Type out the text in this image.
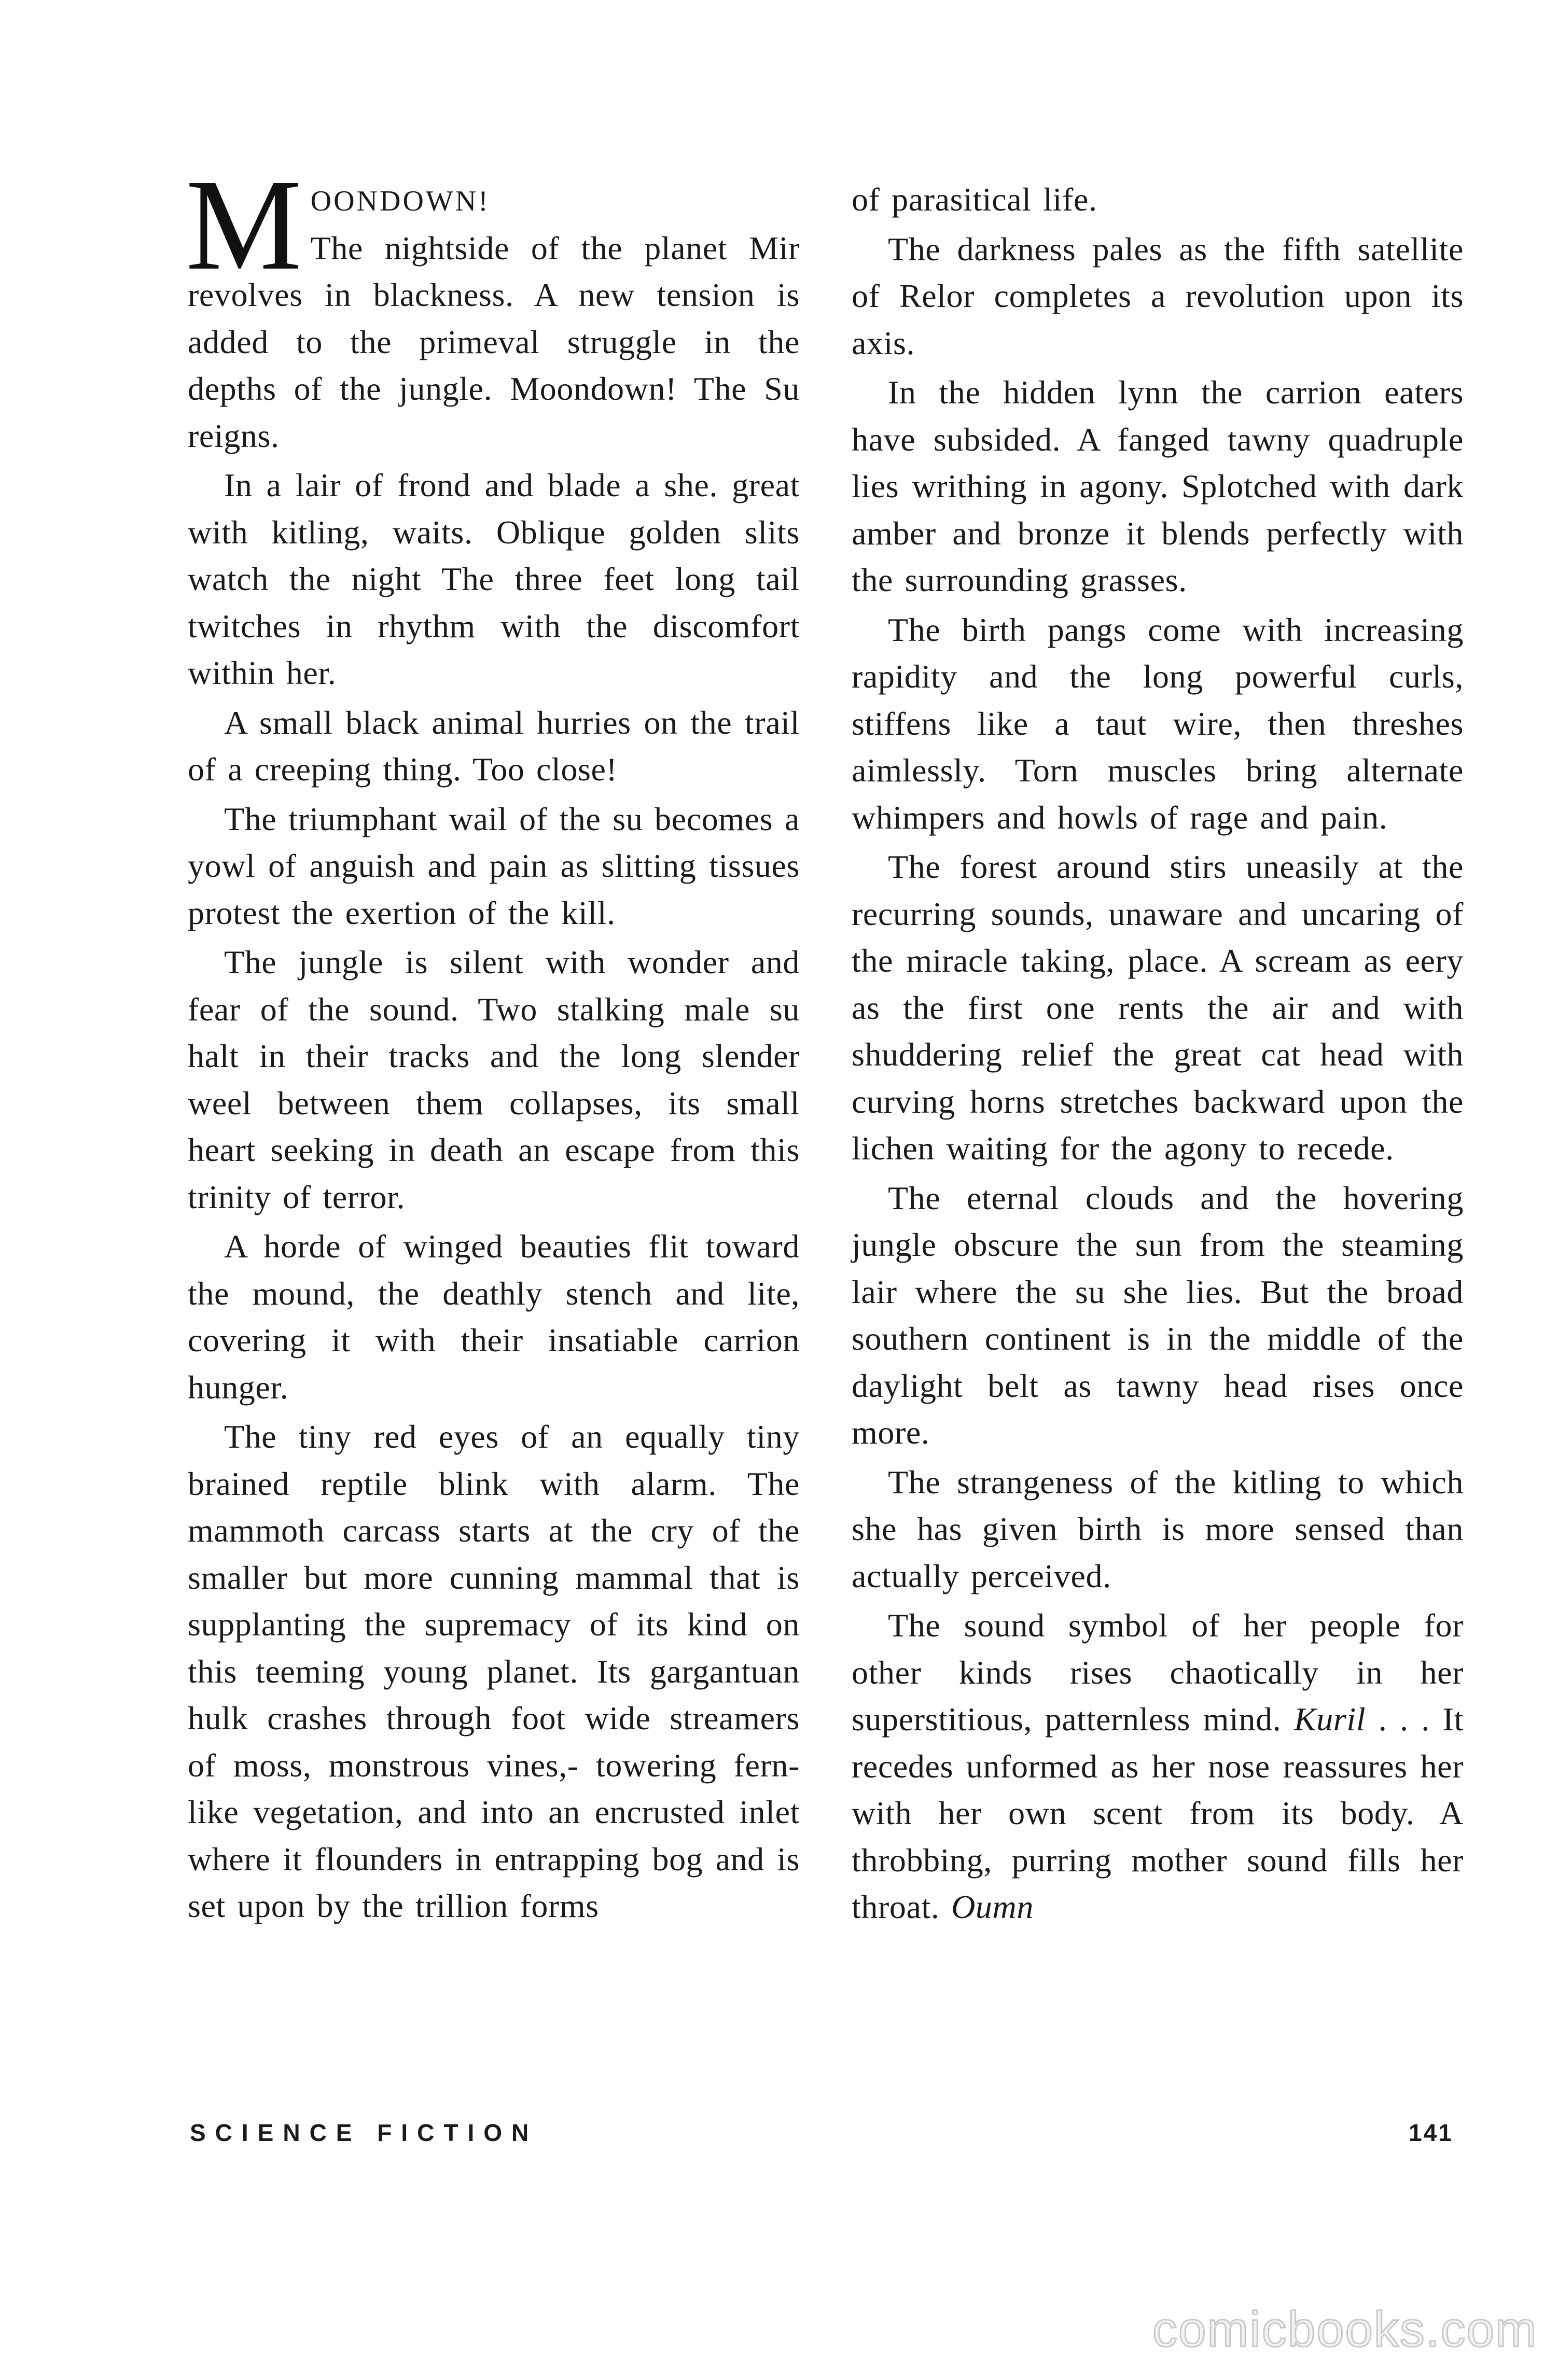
MOONDOWN!
The nightside of the planet Mir revolves in blackness. A new tension is added to the primeval struggle in the depths of the jungle. Moondown! The Su reigns.

In a lair of frond and blade a she. great with kitling, waits. Oblique golden slits watch the night The three feet long tail twitches in rhythm with the discomfort within her.

A small black animal hurries on the trail of a creeping thing. Too close!

The triumphant wail of the su becomes a yowl of anguish and pain as slitting tissues protest the exertion of the kill.

The jungle is silent with wonder and fear of the sound. Two stalking male su halt in their tracks and the long slender weel between them collapses, its small heart seeking in death an escape from this trinity of terror.

A horde of winged beauties flit toward the mound, the deathly stench and lite, covering it with their insatiable carrion hunger.

The tiny red eyes of an equally tiny brained reptile blink with alarm. The mammoth carcass starts at the cry of the smaller but more cunning mammal that is supplanting the supremacy of its kind on this teeming young planet. Its gargantuan hulk crashes through foot wide streamers of moss, monstrous vines,- towering fern-like vegetation, and into an encrusted inlet where it flounders in entrapping bog and is set upon by the trillion forms

of parasitical life.

The darkness pales as the fifth satellite of Relor completes a revolution upon its axis.

In the hidden lynn the carrion eaters have subsided. A fanged tawny quadruple lies writhing in agony. Splotched with dark amber and bronze it blends perfectly with the surrounding grasses.

The birth pangs come with increasing rapidity and the long powerful curls, stiffens like a taut wire, then threshes aimlessly. Torn muscles bring alternate whimpers and howls of rage and pain.

The forest around stirs uneasily at the recurring sounds, unaware and uncaring of the miracle taking, place. A scream as eery as the first one rents the air and with shuddering relief the great cat head with curving horns stretches backward upon the lichen waiting for the agony to recede.

The eternal clouds and the hovering jungle obscure the sun from the steaming lair where the su she lies. But the broad southern continent is in the middle of the daylight belt as tawny head rises once more.

The strangeness of the kitling to which she has given birth is more sensed than actually perceived.

The sound symbol of her people for other kinds rises chaotically in her superstitious, patternless mind. Kuril . . . It recedes unformed as her nose reassures her with her own scent from its body. A throbbing, purring mother sound fills her throat. Oumn

SCIENCE FICTION	141
comicbooks.com
